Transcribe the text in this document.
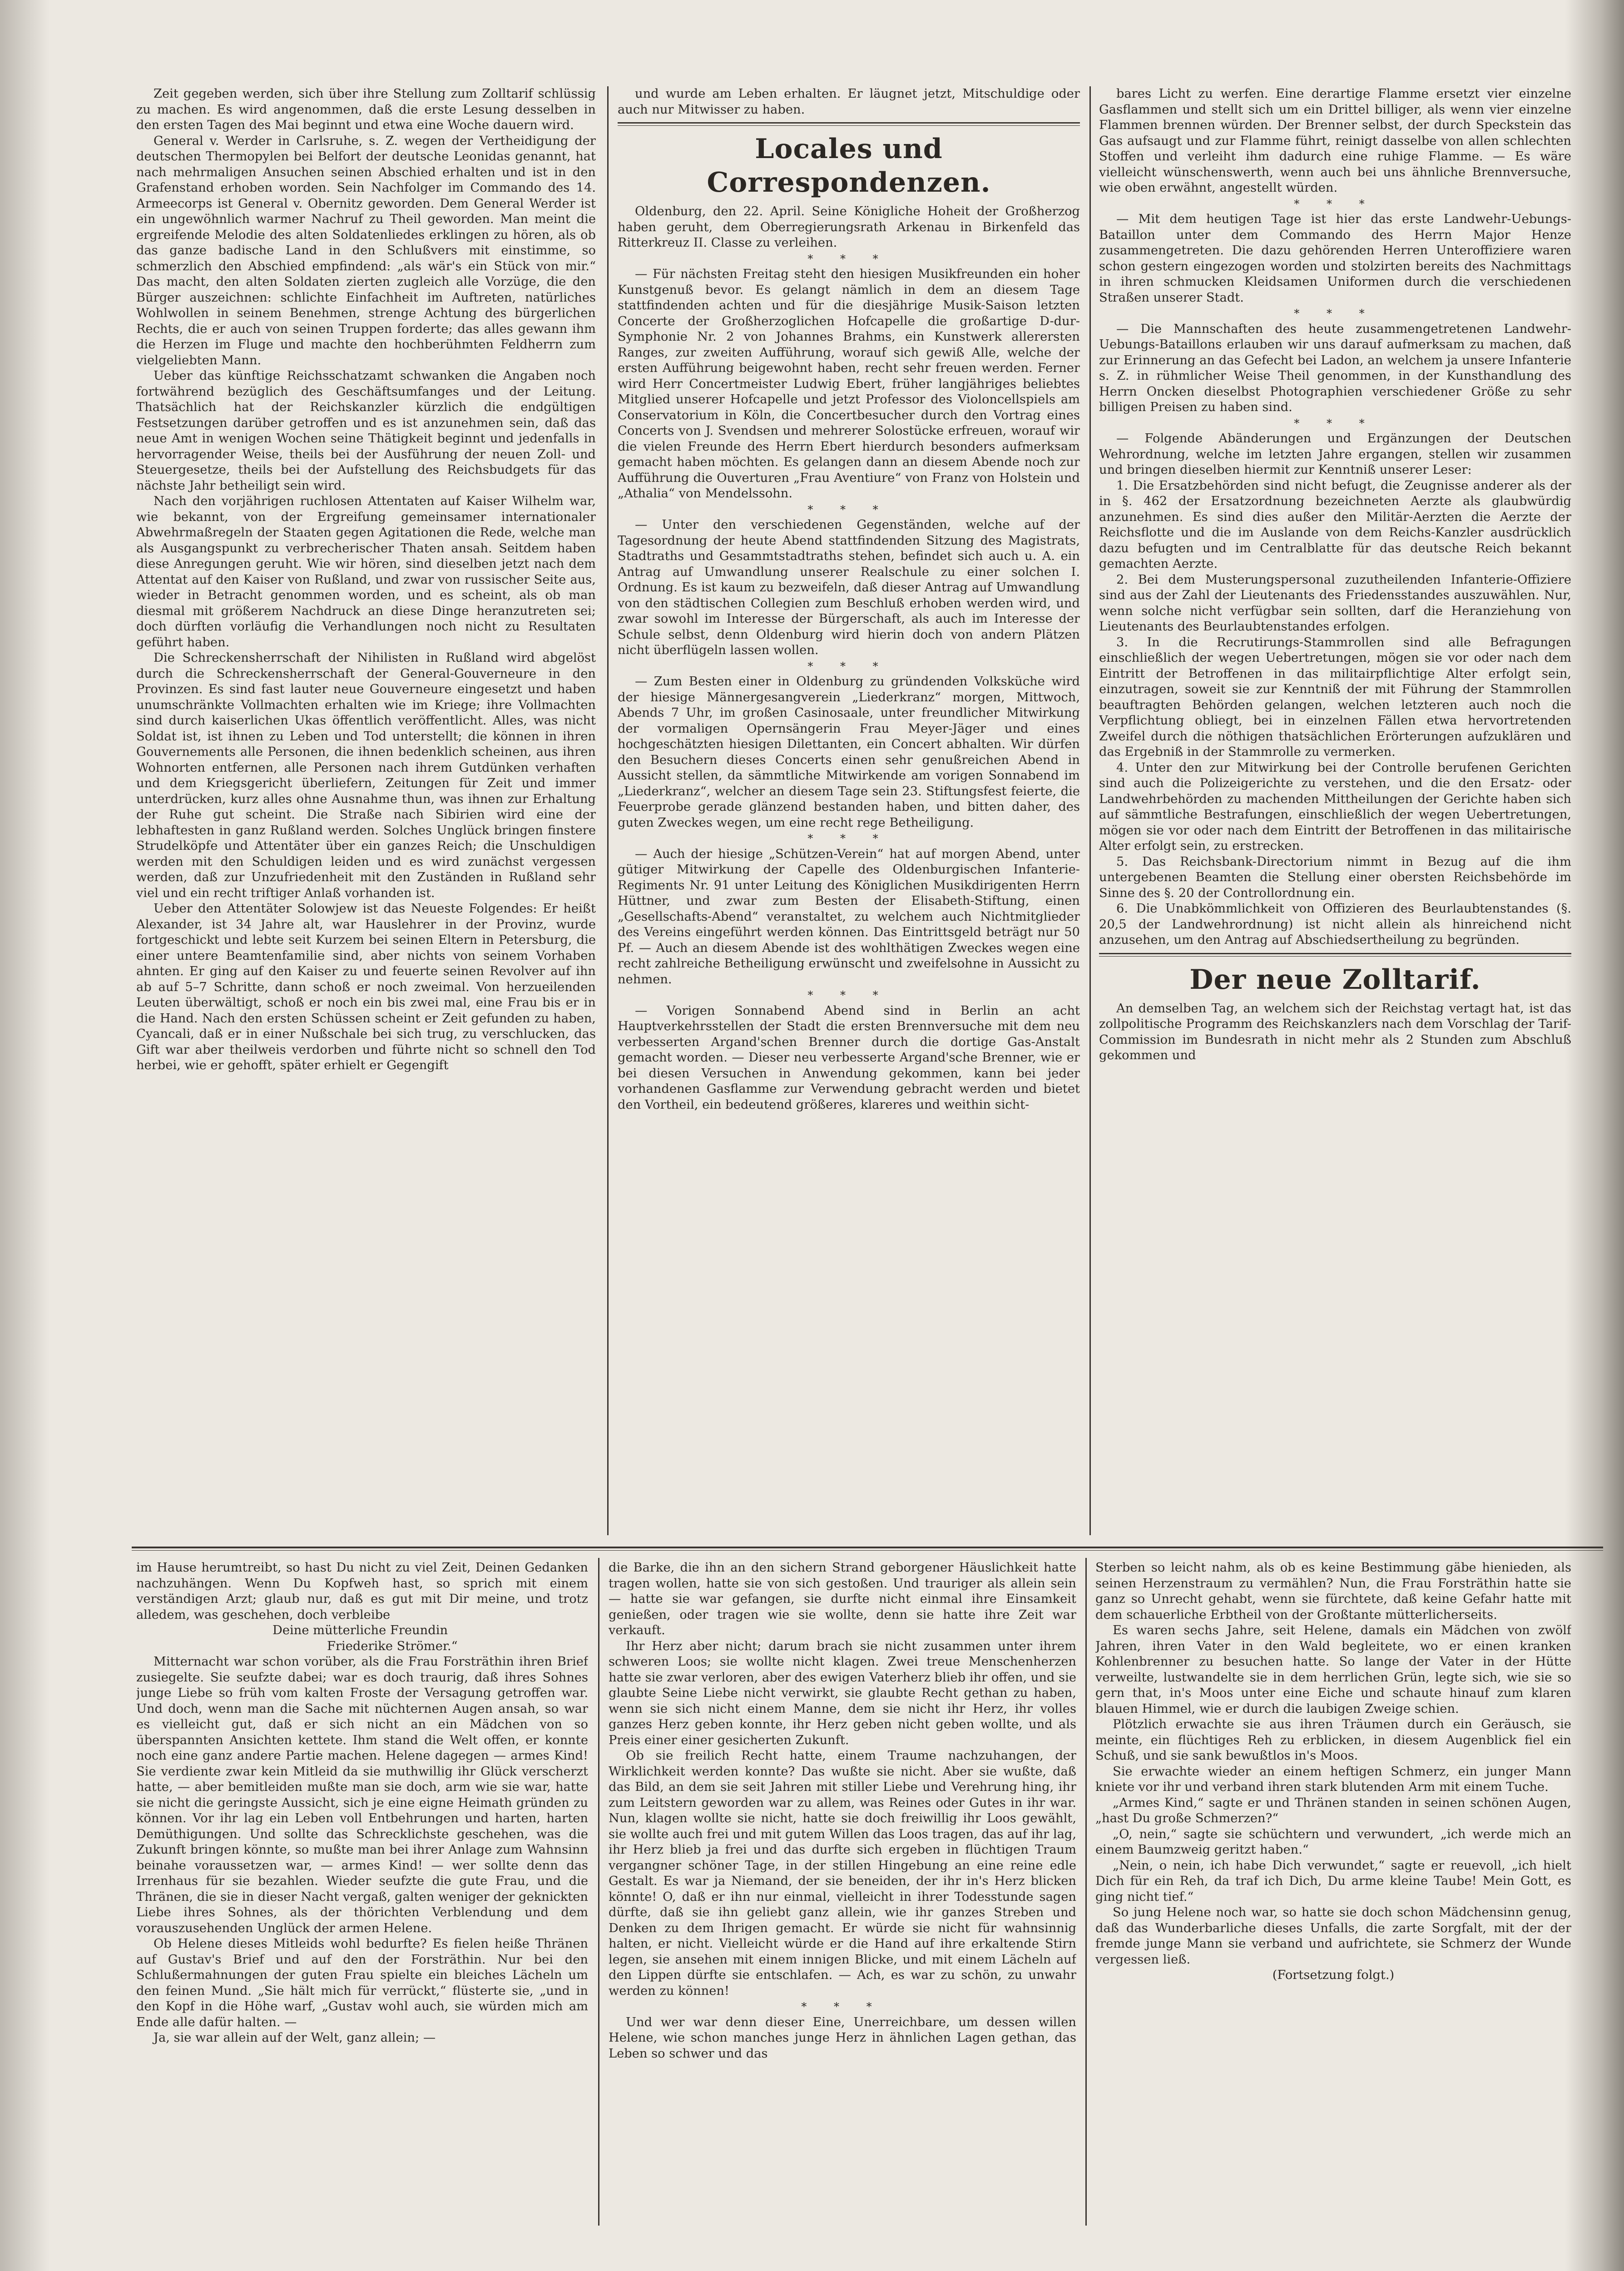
Zeit gegeben werden, sich über ihre Stellung zum Zolltarif schlüssig zu machen. Es wird angenommen, daß die erste Lesung desselben in den ersten Tagen des Mai beginnt und etwa eine Woche dauern wird.

General v. Werder in Carlsruhe, s. Z. wegen der Vertheidigung der deutschen Thermopylen bei Belfort der deutsche Leonidas genannt, hat nach mehrmaligen Ansuchen seinen Abschied erhalten und ist in den Grafenstand erhoben worden. Sein Nachfolger im Commando des 14. Armeecorps ist General v. Obernitz geworden. Dem General Werder ist ein ungewöhnlich warmer Nachruf zu Theil geworden. Man meint die ergreifende Melodie des alten Soldatenliedes erklingen zu hören, als ob das ganze badische Land in den Schlußvers mit einstimme, so schmerzlich den Abschied empfindend: „als wär's ein Stück von mir.“ Das macht, den alten Soldaten zierten zugleich alle Vorzüge, die den Bürger auszeichnen: schlichte Einfachheit im Auftreten, natürliches Wohlwollen in seinem Benehmen, strenge Achtung des bürgerlichen Rechts, die er auch von seinen Truppen forderte; das alles gewann ihm die Herzen im Fluge und machte den hochberühmten Feldherrn zum vielgeliebten Mann.

Ueber das künftige Reichsschatzamt schwanken die Angaben noch fortwährend bezüglich des Geschäftsumfanges und der Leitung. Thatsächlich hat der Reichskanzler kürzlich die endgültigen Festsetzungen darüber getroffen und es ist anzunehmen sein, daß das neue Amt in wenigen Wochen seine Thätigkeit beginnt und jedenfalls in hervorragender Weise, theils bei der Ausführung der neuen Zoll- und Steuergesetze, theils bei der Aufstellung des Reichsbudgets für das nächste Jahr betheiligt sein wird.

Nach den vorjährigen ruchlosen Attentaten auf Kaiser Wilhelm war, wie bekannt, von der Ergreifung gemeinsamer internationaler Abwehrmaßregeln der Staaten gegen Agitationen die Rede, welche man als Ausgangspunkt zu verbrecherischer Thaten ansah. Seitdem haben diese Anregungen geruht. Wie wir hören, sind dieselben jetzt nach dem Attentat auf den Kaiser von Rußland, und zwar von russischer Seite aus, wieder in Betracht genommen worden, und es scheint, als ob man diesmal mit größerem Nachdruck an diese Dinge heranzutreten sei; doch dürften vorläufig die Verhandlungen noch nicht zu Resultaten geführt haben.

Die Schreckensherrschaft der Nihilisten in Rußland wird abgelöst durch die Schreckensherrschaft der General-Gouverneure in den Provinzen. Es sind fast lauter neue Gouverneure eingesetzt und haben unumschränkte Vollmachten erhalten wie im Kriege; ihre Vollmachten sind durch kaiserlichen Ukas öffentlich veröffentlicht. Alles, was nicht Soldat ist, ist ihnen zu Leben und Tod unterstellt; die können in ihren Gouvernements alle Personen, die ihnen bedenklich scheinen, aus ihren Wohnorten entfernen, alle Personen nach ihrem Gutdünken verhaften und dem Kriegsgericht überliefern, Zeitungen für Zeit und immer unterdrücken, kurz alles ohne Ausnahme thun, was ihnen zur Erhaltung der Ruhe gut scheint. Die Straße nach Sibirien wird eine der lebhaftesten in ganz Rußland werden. Solches Unglück bringen finstere Strudelköpfe und Attentäter über ein ganzes Reich; die Unschuldigen werden mit den Schuldigen leiden und es wird zunächst vergessen werden, daß zur Unzufriedenheit mit den Zuständen in Rußland sehr viel und ein recht triftiger Anlaß vorhanden ist.

Ueber den Attentäter Solowjew ist das Neueste Folgendes: Er heißt Alexander, ist 34 Jahre alt, war Hauslehrer in der Provinz, wurde fortgeschickt und lebte seit Kurzem bei seinen Eltern in Petersburg, die einer untere Beamtenfamilie sind, aber nichts von seinem Vorhaben ahnten. Er ging auf den Kaiser zu und feuerte seinen Revolver auf ihn ab auf 5–7 Schritte, dann schoß er noch zweimal. Von herzueilenden Leuten überwältigt, schoß er noch ein bis zwei mal, eine Frau bis er in die Hand. Nach den ersten Schüssen scheint er Zeit gefunden zu haben, Cyancali, daß er in einer Nußschale bei sich trug, zu verschlucken, das Gift war aber theilweis verdorben und führte nicht so schnell den Tod herbei, wie er gehofft, später erhielt er Gegengift

und wurde am Leben erhalten. Er läugnet jetzt, Mitschuldige oder auch nur Mitwisser zu haben.

Locales und Correspondenzen.

Oldenburg, den 22. April. Seine Königliche Hoheit der Großherzog haben geruht, dem Oberregierungsrath Arkenau in Birkenfeld das Ritterkreuz II. Classe zu verleihen.

* * *

— Für nächsten Freitag steht den hiesigen Musikfreunden ein hoher Kunstgenuß bevor. Es gelangt nämlich in dem an diesem Tage stattfindenden achten und für die diesjährige Musik-Saison letzten Concerte der Großherzoglichen Hofcapelle die großartige D-dur-Symphonie Nr. 2 von Johannes Brahms, ein Kunstwerk allerersten Ranges, zur zweiten Aufführung, worauf sich gewiß Alle, welche der ersten Aufführung beigewohnt haben, recht sehr freuen werden. Ferner wird Herr Concertmeister Ludwig Ebert, früher langjähriges beliebtes Mitglied unserer Hofcapelle und jetzt Professor des Violoncellspiels am Conservatorium in Köln, die Concertbesucher durch den Vortrag eines Concerts von J. Svendsen und mehrerer Solostücke erfreuen, worauf wir die vielen Freunde des Herrn Ebert hierdurch besonders aufmerksam gemacht haben möchten. Es gelangen dann an diesem Abende noch zur Aufführung die Ouverturen „Frau Aventiure“ von Franz von Holstein und „Athalia“ von Mendelssohn.

* * *

— Unter den verschiedenen Gegenständen, welche auf der Tagesordnung der heute Abend stattfindenden Sitzung des Magistrats, Stadtraths und Gesammtstadtraths stehen, befindet sich auch u. A. ein Antrag auf Umwandlung unserer Realschule zu einer solchen I. Ordnung. Es ist kaum zu bezweifeln, daß dieser Antrag auf Umwandlung von den städtischen Collegien zum Beschluß erhoben werden wird, und zwar sowohl im Interesse der Bürgerschaft, als auch im Interesse der Schule selbst, denn Oldenburg wird hierin doch von andern Plätzen nicht überflügeln lassen wollen.

* * *

— Zum Besten einer in Oldenburg zu gründenden Volksküche wird der hiesige Männergesangverein „Liederkranz“ morgen, Mittwoch, Abends 7 Uhr, im großen Casinosaale, unter freundlicher Mitwirkung der vormaligen Opernsängerin Frau Meyer-Jäger und eines hochgeschätzten hiesigen Dilettanten, ein Concert abhalten. Wir dürfen den Besuchern dieses Concerts einen sehr genußreichen Abend in Aussicht stellen, da sämmtliche Mitwirkende am vorigen Sonnabend im „Liederkranz“, welcher an diesem Tage sein 23. Stiftungsfest feierte, die Feuerprobe gerade glänzend bestanden haben, und bitten daher, des guten Zweckes wegen, um eine recht rege Betheiligung.

* * *

— Auch der hiesige „Schützen-Verein“ hat auf morgen Abend, unter gütiger Mitwirkung der Capelle des Oldenburgischen Infanterie-Regiments Nr. 91 unter Leitung des Königlichen Musikdirigenten Herrn Hüttner, und zwar zum Besten der Elisabeth-Stiftung, einen „Gesellschafts-Abend“ veranstaltet, zu welchem auch Nichtmitglieder des Vereins eingeführt werden können. Das Eintrittsgeld beträgt nur 50 Pf. — Auch an diesem Abende ist des wohlthätigen Zweckes wegen eine recht zahlreiche Betheiligung erwünscht und zweifelsohne in Aussicht zu nehmen.

* * *

— Vorigen Sonnabend Abend sind in Berlin an acht Hauptverkehrsstellen der Stadt die ersten Brennversuche mit dem neu verbesserten Argand'schen Brenner durch die dortige Gas-Anstalt gemacht worden. — Dieser neu verbesserte Argand'sche Brenner, wie er bei diesen Versuchen in Anwendung gekommen, kann bei jeder vorhandenen Gasflamme zur Verwendung gebracht werden und bietet den Vortheil, ein bedeutend größeres, klareres und weithin sicht-

bares Licht zu werfen. Eine derartige Flamme ersetzt vier einzelne Gasflammen und stellt sich um ein Drittel billiger, als wenn vier einzelne Flammen brennen würden. Der Brenner selbst, der durch Speckstein das Gas aufsaugt und zur Flamme führt, reinigt dasselbe von allen schlechten Stoffen und verleiht ihm dadurch eine ruhige Flamme. — Es wäre vielleicht wünschenswerth, wenn auch bei uns ähnliche Brennversuche, wie oben erwähnt, angestellt würden.

* * *

— Mit dem heutigen Tage ist hier das erste Landwehr-Uebungs-Bataillon unter dem Commando des Herrn Major Henze zusammengetreten. Die dazu gehörenden Herren Unteroffiziere waren schon gestern eingezogen worden und stolzirten bereits des Nachmittags in ihren schmucken Kleidsamen Uniformen durch die verschiedenen Straßen unserer Stadt.

* * *

— Die Mannschaften des heute zusammengetretenen Landwehr-Uebungs-Bataillons erlauben wir uns darauf aufmerksam zu machen, daß zur Erinnerung an das Gefecht bei Ladon, an welchem ja unsere Infanterie s. Z. in rühmlicher Weise Theil genommen, in der Kunsthandlung des Herrn Oncken dieselbst Photographien verschiedener Größe zu sehr billigen Preisen zu haben sind.

* * *

— Folgende Abänderungen und Ergänzungen der Deutschen Wehrordnung, welche im letzten Jahre ergangen, stellen wir zusammen und bringen dieselben hiermit zur Kenntniß unserer Leser:

1. Die Ersatzbehörden sind nicht befugt, die Zeugnisse anderer als der in §. 462 der Ersatzordnung bezeichneten Aerzte als glaubwürdig anzunehmen. Es sind dies außer den Militär-Aerzten die Aerzte der Reichsflotte und die im Auslande von dem Reichs-Kanzler ausdrücklich dazu befugten und im Centralblatte für das deutsche Reich bekannt gemachten Aerzte.

2. Bei dem Musterungspersonal zuzutheilenden Infanterie-Offiziere sind aus der Zahl der Lieutenants des Friedensstandes auszuwählen. Nur, wenn solche nicht verfügbar sein sollten, darf die Heranziehung von Lieutenants des Beurlaubtenstandes erfolgen.

3. In die Recrutirungs-Stammrollen sind alle Befragungen einschließlich der wegen Uebertretungen, mögen sie vor oder nach dem Eintritt der Betroffenen in das militairpflichtige Alter erfolgt sein, einzutragen, soweit sie zur Kenntniß der mit Führung der Stammrollen beauftragten Behörden gelangen, welchen letzteren auch noch die Verpflichtung obliegt, bei in einzelnen Fällen etwa hervortretenden Zweifel durch die nöthigen thatsächlichen Erörterungen aufzuklären und das Ergebniß in der Stammrolle zu vermerken.

4. Unter den zur Mitwirkung bei der Controlle berufenen Gerichten sind auch die Polizeigerichte zu verstehen, und die den Ersatz- oder Landwehrbehörden zu machenden Mittheilungen der Gerichte haben sich auf sämmtliche Bestrafungen, einschließlich der wegen Uebertretungen, mögen sie vor oder nach dem Eintritt der Betroffenen in das militairische Alter erfolgt sein, zu erstrecken.

5. Das Reichsbank-Directorium nimmt in Bezug auf die ihm untergebenen Beamten die Stellung einer obersten Reichsbehörde im Sinne des §. 20 der Controllordnung ein.

6. Die Unabkömmlichkeit von Offizieren des Beurlaubtenstandes (§. 20,5 der Landwehrordnung) ist nicht allein als hinreichend nicht anzusehen, um den Antrag auf Abschiedsertheilung zu begründen.

Der neue Zolltarif.

An demselben Tag, an welchem sich der Reichstag vertagt hat, ist das zollpolitische Programm des Reichskanzlers nach dem Vorschlag der Tarif-Commission im Bundesrath in nicht mehr als 2 Stunden zum Abschluß gekommen und

im Hause herumtreibt, so hast Du nicht zu viel Zeit, Deinen Gedanken nachzuhängen. Wenn Du Kopfweh hast, so sprich mit einem verständigen Arzt; glaub nur, daß es gut mit Dir meine, und trotz alledem, was geschehen, doch verbleibe

Deine mütterliche Freundin

Friederike Strömer.“

Mitternacht war schon vorüber, als die Frau Forsträthin ihren Brief zusiegelte. Sie seufzte dabei; war es doch traurig, daß ihres Sohnes junge Liebe so früh vom kalten Froste der Versagung getroffen war. Und doch, wenn man die Sache mit nüchternen Augen ansah, so war es vielleicht gut, daß er sich nicht an ein Mädchen von so überspannten Ansichten kettete. Ihm stand die Welt offen, er konnte noch eine ganz andere Partie machen. Helene dagegen — armes Kind! Sie verdiente zwar kein Mitleid da sie muthwillig ihr Glück verscherzt hatte, — aber bemitleiden mußte man sie doch, arm wie sie war, hatte sie nicht die geringste Aussicht, sich je eine eigne Heimath gründen zu können. Vor ihr lag ein Leben voll Entbehrungen und harten, harten Demüthigungen. Und sollte das Schrecklichste geschehen, was die Zukunft bringen könnte, so mußte man bei ihrer Anlage zum Wahnsinn beinahe voraussetzen war, — armes Kind! — wer sollte denn das Irrenhaus für sie bezahlen. Wieder seufzte die gute Frau, und die Thränen, die sie in dieser Nacht vergaß, galten weniger der geknickten Liebe ihres Sohnes, als der thörichten Verblendung und dem vorauszusehenden Unglück der armen Helene.

Ob Helene dieses Mitleids wohl bedurfte? Es fielen heiße Thränen auf Gustav's Brief und auf den der Forsträthin. Nur bei den Schlußermahnungen der guten Frau spielte ein bleiches Lächeln um den feinen Mund. „Sie hält mich für verrückt,“ flüsterte sie, „und in den Kopf in die Höhe warf, „Gustav wohl auch, sie würden mich am Ende alle dafür halten. —

Ja, sie war allein auf der Welt, ganz allein; —

die Barke, die ihn an den sichern Strand geborgener Häuslichkeit hatte tragen wollen, hatte sie von sich gestoßen. Und trauriger als allein sein — hatte sie war gefangen, sie durfte nicht einmal ihre Einsamkeit genießen, oder tragen wie sie wollte, denn sie hatte ihre Zeit war verkauft.

Ihr Herz aber nicht; darum brach sie nicht zusammen unter ihrem schweren Loos; sie wollte nicht klagen. Zwei treue Menschenherzen hatte sie zwar verloren, aber des ewigen Vaterherz blieb ihr offen, und sie glaubte Seine Liebe nicht verwirkt, sie glaubte Recht gethan zu haben, wenn sie sich nicht einem Manne, dem sie nicht ihr Herz, ihr volles ganzes Herz geben konnte, ihr Herz geben nicht geben wollte, und als Preis einer einer gesicherten Zukunft.

Ob sie freilich Recht hatte, einem Traume nachzuhangen, der Wirklichkeit werden konnte? Das wußte sie nicht. Aber sie wußte, daß das Bild, an dem sie seit Jahren mit stiller Liebe und Verehrung hing, ihr zum Leitstern geworden war zu allem, was Reines oder Gutes in ihr war. Nun, klagen wollte sie nicht, hatte sie doch freiwillig ihr Loos gewählt, sie wollte auch frei und mit gutem Willen das Loos tragen, das auf ihr lag, ihr Herz blieb ja frei und das durfte sich ergeben in flüchtigen Traum vergangner schöner Tage, in der stillen Hingebung an eine reine edle Gestalt. Es war ja Niemand, der sie beneiden, der ihr in's Herz blicken könnte! O, daß er ihn nur einmal, vielleicht in ihrer Todesstunde sagen dürfte, daß sie ihn geliebt ganz allein, wie ihr ganzes Streben und Denken zu dem Ihrigen gemacht. Er würde sie nicht für wahnsinnig halten, er nicht. Vielleicht würde er die Hand auf ihre erkaltende Stirn legen, sie ansehen mit einem innigen Blicke, und mit einem Lächeln auf den Lippen dürfte sie entschlafen. — Ach, es war zu schön, zu unwahr werden zu können!

* * *

Und wer war denn dieser Eine, Unerreichbare, um dessen willen Helene, wie schon manches junge Herz in ähnlichen Lagen gethan, das Leben so schwer und das

Sterben so leicht nahm, als ob es keine Bestimmung gäbe hienieden, als seinen Herzenstraum zu vermählen? Nun, die Frau Forsträthin hatte sie ganz so Unrecht gehabt, wenn sie fürchtete, daß keine Gefahr hatte mit dem schauerliche Erbtheil von der Großtante mütterlicherseits.

Es waren sechs Jahre, seit Helene, damals ein Mädchen von zwölf Jahren, ihren Vater in den Wald begleitete, wo er einen kranken Kohlenbrenner zu besuchen hatte. So lange der Vater in der Hütte verweilte, lustwandelte sie in dem herrlichen Grün, legte sich, wie sie so gern that, in's Moos unter eine Eiche und schaute hinauf zum klaren blauen Himmel, wie er durch die laubigen Zweige schien.

Plötzlich erwachte sie aus ihren Träumen durch ein Geräusch, sie meinte, ein flüchtiges Reh zu erblicken, in diesem Augenblick fiel ein Schuß, und sie sank bewußtlos in's Moos.

Sie erwachte wieder an einem heftigen Schmerz, ein junger Mann kniete vor ihr und verband ihren stark blutenden Arm mit einem Tuche.

„Armes Kind,“ sagte er und Thränen standen in seinen schönen Augen, „hast Du große Schmerzen?“

„O, nein,“ sagte sie schüchtern und verwundert, „ich werde mich an einem Baumzweig geritzt haben.“

„Nein, o nein, ich habe Dich verwundet,“ sagte er reuevoll, „ich hielt Dich für ein Reh, da traf ich Dich, Du arme kleine Taube! Mein Gott, es ging nicht tief.“

So jung Helene noch war, so hatte sie doch schon Mädchensinn genug, daß das Wunderbarliche dieses Unfalls, die zarte Sorgfalt, mit der der fremde junge Mann sie verband und aufrichtete, sie Schmerz der Wunde vergessen ließ.

(Fortsetzung folgt.)
